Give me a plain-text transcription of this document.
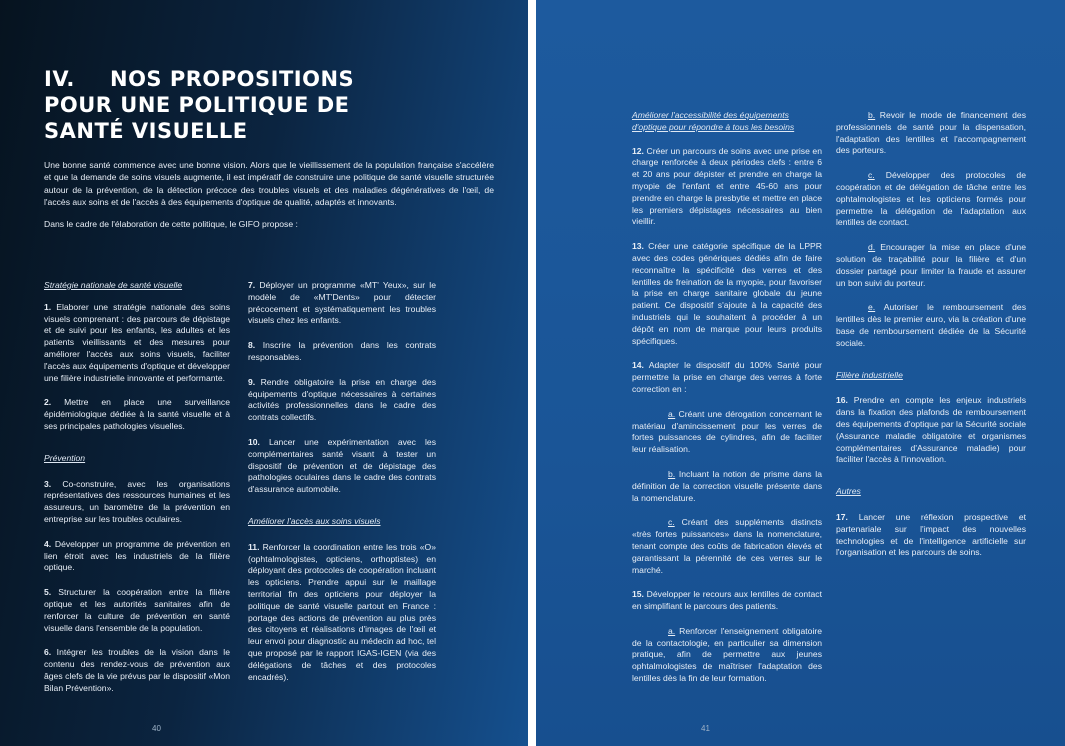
IV. NOS PROPOSITIONS
POUR UNE POLITIQUE DE
SANTÉ VISUELLE

Une bonne santé commence avec une bonne vision. Alors que le vieillissement de la population française s'accélère et que la demande de soins visuels augmente, il est impératif de construire une politique de santé visuelle structurée autour de la prévention, de la détection précoce des troubles visuels et des maladies dégénératives de l'œil, de l'accès aux soins et de l'accès à des équipements d'optique de qualité, adaptés et innovants.

Dans le cadre de l'élaboration de cette politique, le GIFO propose :

Stratégie nationale de santé visuelle

1. Elaborer une stratégie nationale des soins visuels comprenant : des parcours de dépistage et de suivi pour les enfants, les adultes et les patients vieillissants et des mesures pour améliorer l'accès aux soins visuels, faciliter l'accès aux équipements d'optique et développer une filière industrielle innovante et performante.

2. Mettre en place une surveillance épidémiologique dédiée à la santé visuelle et à ses principales pathologies visuelles.

Prévention

3. Co-construire, avec les organisations représentatives des ressources humaines et les assureurs, un baromètre de la prévention en entreprise sur les troubles oculaires.

4. Développer un programme de prévention en lien étroit avec les industriels de la filière optique.

5. Structurer la coopération entre la filière optique et les autorités sanitaires afin de renforcer la culture de prévention en santé visuelle dans l'ensemble de la population.

6. Intégrer les troubles de la vision dans le contenu des rendez-vous de prévention aux âges clefs de la vie prévus par le dispositif «Mon Bilan Prévention».

7. Déployer un programme «MT' Yeux», sur le modèle de «MT'Dents» pour détecter précocement et systématiquement les troubles visuels chez les enfants.

8. Inscrire la prévention dans les contrats responsables.

9. Rendre obligatoire la prise en charge des équipements d'optique nécessaires à certaines activités professionnelles dans le cadre des contrats collectifs.

10. Lancer une expérimentation avec les complémentaires santé visant à tester un dispositif de prévention et de dépistage des pathologies oculaires dans le cadre des contrats d'assurance automobile.

Améliorer l'accès aux soins visuels

11. Renforcer la coordination entre les trois «O» (ophtalmologistes, opticiens, orthoptistes) en déployant des protocoles de coopération incluant les opticiens. Prendre appui sur le maillage territorial fin des opticiens pour déployer la politique de santé visuelle partout en France : portage des actions de prévention au plus près des citoyens et réalisations d'images de l'œil et leur envoi pour diagnostic au médecin ad hoc, tel que proposé par le rapport IGAS-IGEN (via des délégations de tâches et des protocoles encadrés).

40

Améliorer l'accessibilité des équipements d'optique pour répondre à tous les besoins

12. Créer un parcours de soins avec une prise en charge renforcée à deux périodes clefs : entre 6 et 20 ans pour dépister et prendre en charge la myopie de l'enfant et entre 45-60 ans pour prendre en charge la presbytie et mettre en place les premiers dépistages nécessaires au bien vieillir.

13. Créer une catégorie spécifique de la LPPR avec des codes génériques dédiés afin de faire reconnaître la spécificité des verres et des lentilles de freination de la myopie, pour favoriser la prise en charge sanitaire globale du jeune patient. Ce dispositif s'ajoute à la capacité des industriels qui le souhaitent à procéder à un dépôt en nom de marque pour leurs produits spécifiques.

14. Adapter le dispositif du 100% Santé pour permettre la prise en charge des verres à forte correction en :

a. Créant une dérogation concernant le matériau d'amincissement pour les verres de fortes puissances de cylindres, afin de faciliter leur réalisation.

b. Incluant la notion de prisme dans la définition de la correction visuelle présente dans la nomenclature.

c. Créant des suppléments distincts «très fortes puissances» dans la nomenclature, tenant compte des coûts de fabrication élevés et garantissant la pérennité de ces verres sur le marché.

15. Développer le recours aux lentilles de contact en simplifiant le parcours des patients.

a. Renforcer l'enseignement obligatoire de la contactologie, en particulier sa dimension pratique, afin de permettre aux jeunes ophtalmologistes de maîtriser l'adaptation des lentilles dès la fin de leur formation.

b. Revoir le mode de financement des professionnels de santé pour la dispensation, l'adaptation des lentilles et l'accompagnement des porteurs.

c. Développer des protocoles de coopération et de délégation de tâche entre les ophtalmologistes et les opticiens formés pour permettre la délégation de l'adaptation aux lentilles de contact.

d. Encourager la mise en place d'une solution de traçabilité pour la filière et d'un dossier partagé pour limiter la fraude et assurer un bon suivi du porteur.

e. Autoriser le remboursement des lentilles dès le premier euro, via la création d'une base de remboursement dédiée de la Sécurité sociale.

Filière industrielle

16. Prendre en compte les enjeux industriels dans la fixation des plafonds de remboursement des équipements d'optique par la Sécurité sociale (Assurance maladie obligatoire et organismes complémentaires d'Assurance maladie) pour faciliter l'accès à l'innovation.

Autres

17. Lancer une réflexion prospective et partenariale sur l'impact des nouvelles technologies et de l'intelligence artificielle sur l'organisation et les parcours de soins.

41
